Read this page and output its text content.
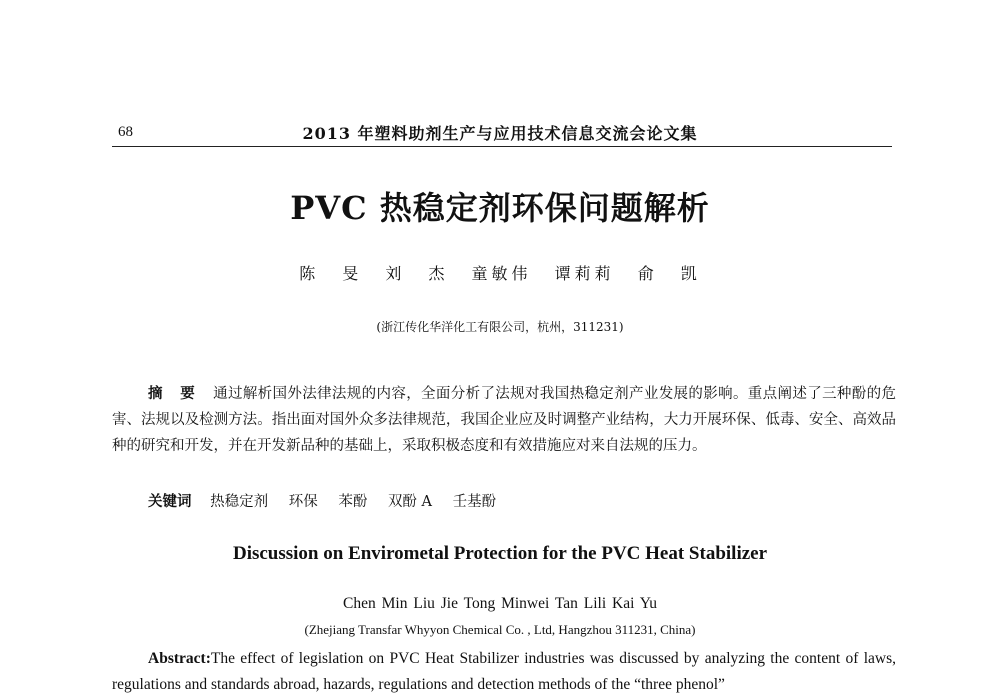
68	2013 年塑料助剂生产与应用技术信息交流会论文集
PVC 热稳定剂环保问题解析
陈 旻 刘 杰 童敏伟 谭莉莉 俞 凯
(浙江传化华洋化工有限公司，杭州，311231)
摘 要 通过解析国外法律法规的内容，全面分析了法规对我国热稳定剂产业发展的影响。重点阐述了三种酚的危害、法规以及检测方法。指出面对国外众多法律规范，我国企业应及时调整产业结构，大力开展环保、低毒、安全、高效品种的研究和开发，并在开发新品种的基础上，采取积极态度和有效措施应对来自法规的压力。
关键词 热稳定剂 环保 苯酚 双酚 A 壬基酚
Discussion on Envirometal Protection for the PVC Heat Stabilizer
Chen Min Liu Jie Tong Minwei Tan Lili Kai Yu
(Zhejiang Transfar Whyyon Chemical Co. , Ltd, Hangzhou 311231, China)
Abstract:The effect of legislation on PVC Heat Stabilizer industries was discussed by analyzing the content of laws, regulations and standards abroad, hazards, regulations and detection methods of the “three phenol”
